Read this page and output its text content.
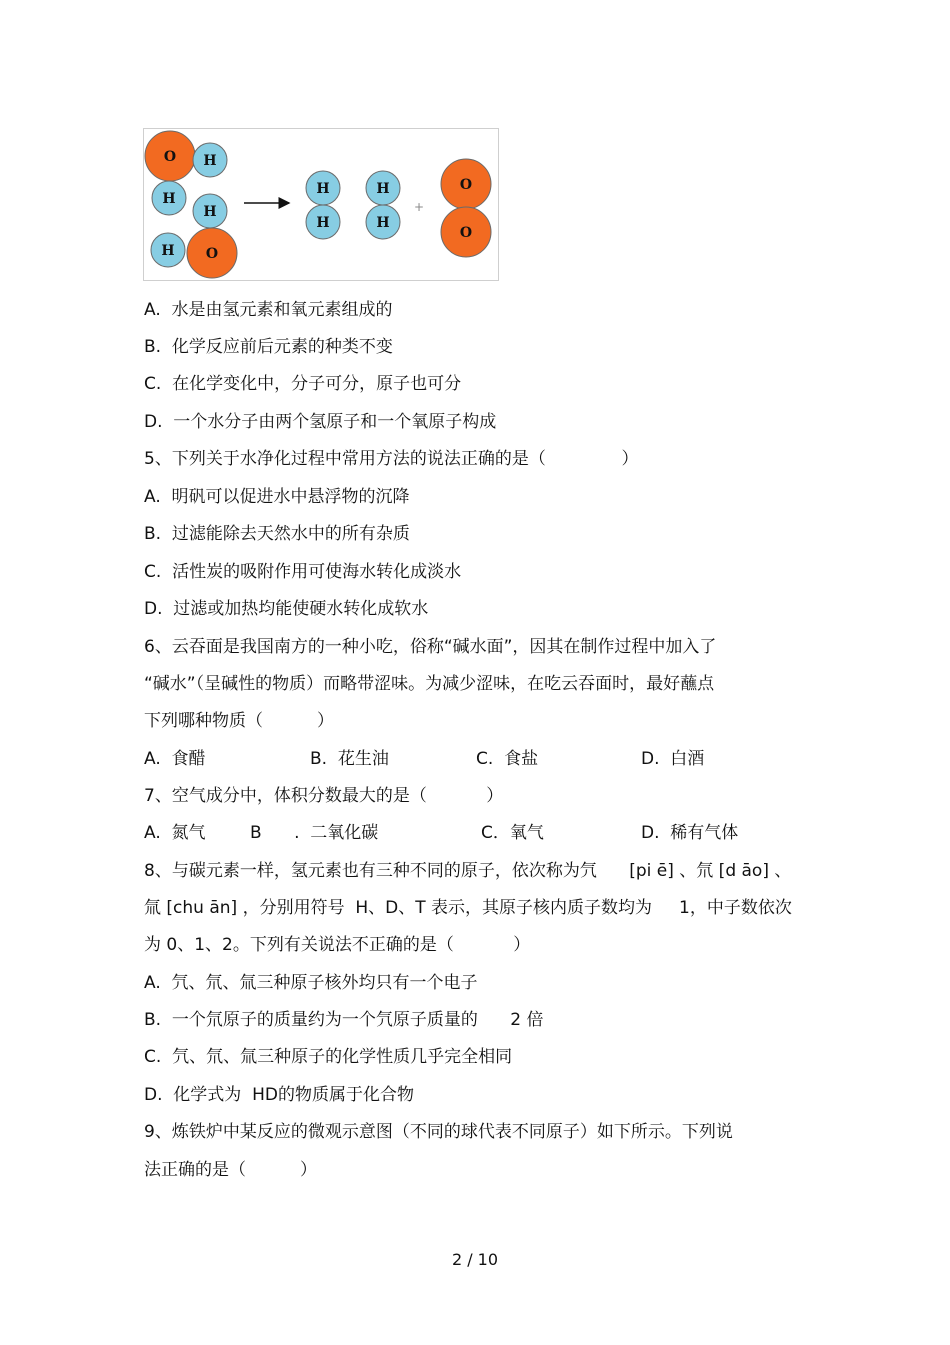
O H
H
H
H O
H
H
H
H
+
O
O
A.  水是由氢元素和氧元素组成的
B.  化学反应前后元素的种类不变
C.  在化学变化中，分子可分，原子也可分
D.  一个水分子由两个氢原子和一个氧原子构成
5、下列关于水净化过程中常用方法的说法正确的是（              ）
A.  明矾可以促进水中悬浮物的沉降
B.  过滤能除去天然水中的所有杂质
C.  活性炭的吸附作用可使海水转化成淡水
D.  过滤或加热均能使硬水转化成软水
6、云吞面是我国南方的一种小吃，俗称“碱水面”，因其在制作过程中加入了
“碱水”（呈碱性的物质）而略带涩味。为减少涩味，在吃云吞面时，最好蘸点
下列哪种物质（          ）
A.  食醋	B.  花生油	C.  食盐	D.  白酒
7、空气成分中，体积分数最大的是（           ）
A.  氮气	B      .  二氧化碳	C．氧气	D.  稀有气体
8、与碳元素一样，氢元素也有三种不同的原子，依次称为氕      [pi ē] 、氘 [d āo] 、
氚 [chu ān] ，分别用符号  H、D、T 表示，其原子核内质子数均为     1，中子数依次
为 0、1、2。下列有关说法不正确的是（           ）
A.  氕、氘、氚三种原子核外均只有一个电子
B.  一个氘原子的质量约为一个氕原子质量的      2 倍
C.  氕、氘、氚三种原子的化学性质几乎完全相同
D.  化学式为  HD的物质属于化合物
9、炼铁炉中某反应的微观示意图（不同的球代表不同原子）如下所示。下列说
法正确的是（          ）
2 / 10
